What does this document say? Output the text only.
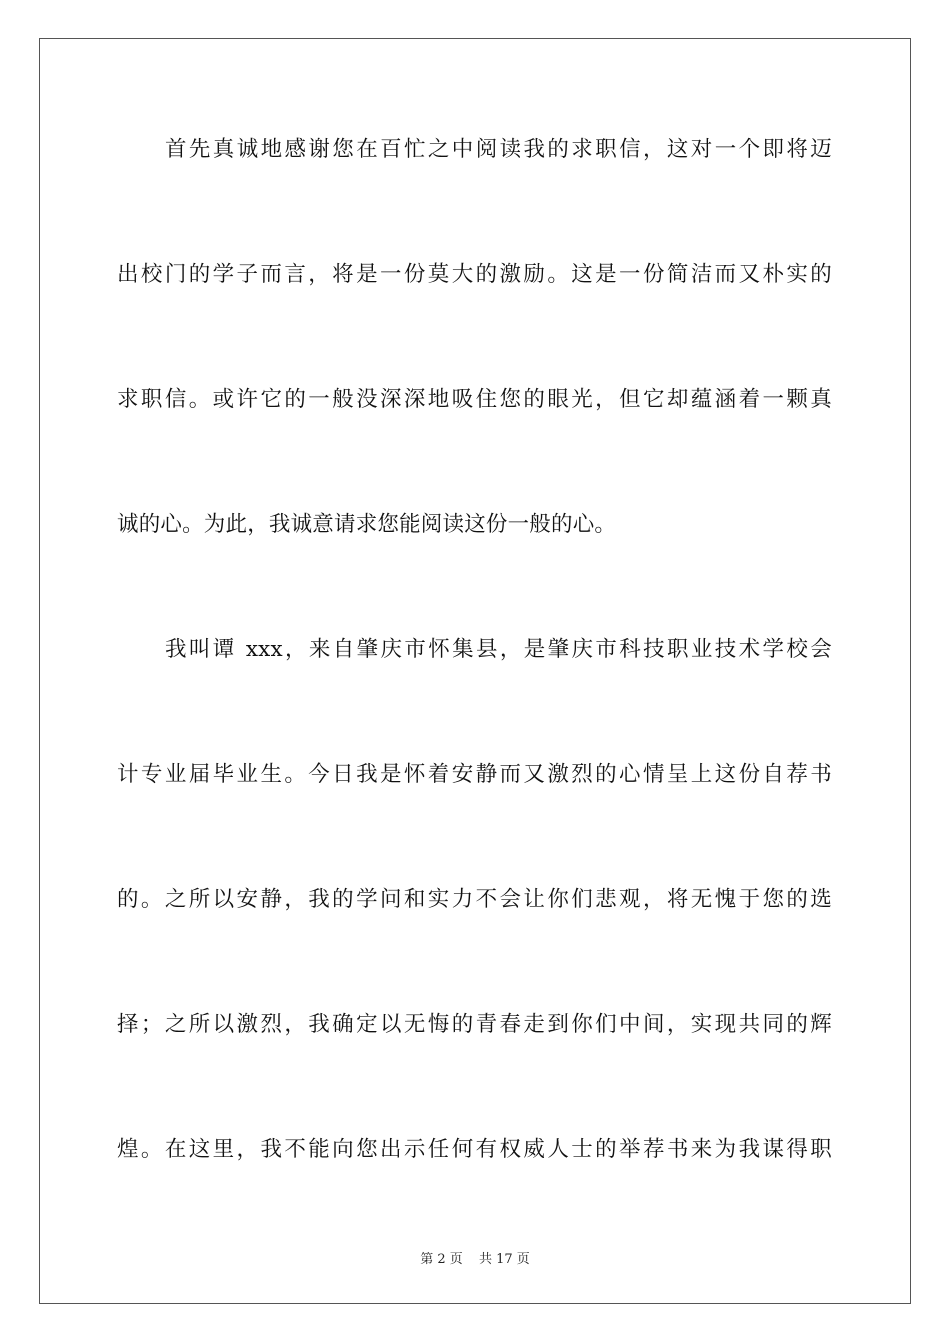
首先真诚地感谢您在百忙之中阅读我的求职信，这对一个即将迈
出校门的学子而言，将是一份莫大的激励。这是一份简洁而又朴实的
求职信。或许它的一般没深深地吸住您的眼光，但它却蕴涵着一颗真
诚的心。为此，我诚意请求您能阅读这份一般的心。
我叫谭 xxx，来自肇庆市怀集县，是肇庆市科技职业技术学校会
计专业届毕业生。今日我是怀着安静而又激烈的心情呈上这份自荐书
的。之所以安静，我的学问和实力不会让你们悲观，将无愧于您的选
择；之所以激烈，我确定以无悔的青春走到你们中间，实现共同的辉
煌。在这里，我不能向您出示任何有权威人士的举荐书来为我谋得职
第 2 页 共 17 页
